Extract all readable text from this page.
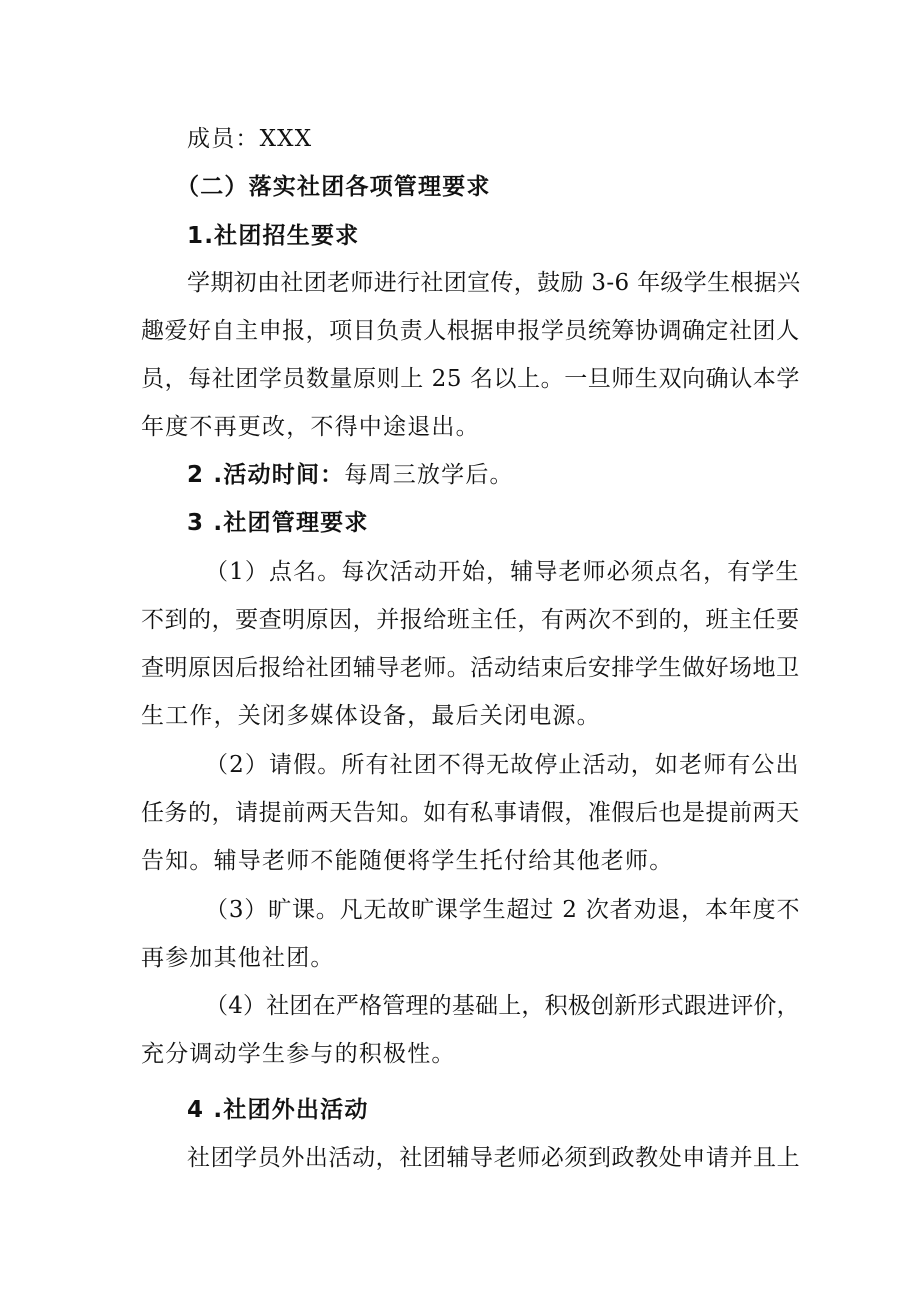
成员：XXX
（二）落实社团各项管理要求
1.社团招生要求
学期初由社团老师进行社团宣传，鼓励 3-6 年级学生根据兴
趣爱好自主申报，项目负责人根据申报学员统筹协调确定社团人
员，每社团学员数量原则上 25 名以上。一旦师生双向确认本学
年度不再更改，不得中途退出。
2 .活动时间：每周三放学后。
3 .社团管理要求
（1）点名。每次活动开始，辅导老师必须点名，有学生
不到的，要查明原因，并报给班主任，有两次不到的，班主任要
查明原因后报给社团辅导老师。活动结束后安排学生做好场地卫
生工作，关闭多媒体设备，最后关闭电源。
（2）请假。所有社团不得无故停止活动，如老师有公出
任务的，请提前两天告知。如有私事请假，准假后也是提前两天
告知。辅导老师不能随便将学生托付给其他老师。
（3）旷课。凡无故旷课学生超过 2 次者劝退，本年度不
再参加其他社团。
（4）社团在严格管理的基础上，积极创新形式跟进评价，
充分调动学生参与的积极性。
4 .社团外出活动
社团学员外出活动，社团辅导老师必须到政教处申请并且上
